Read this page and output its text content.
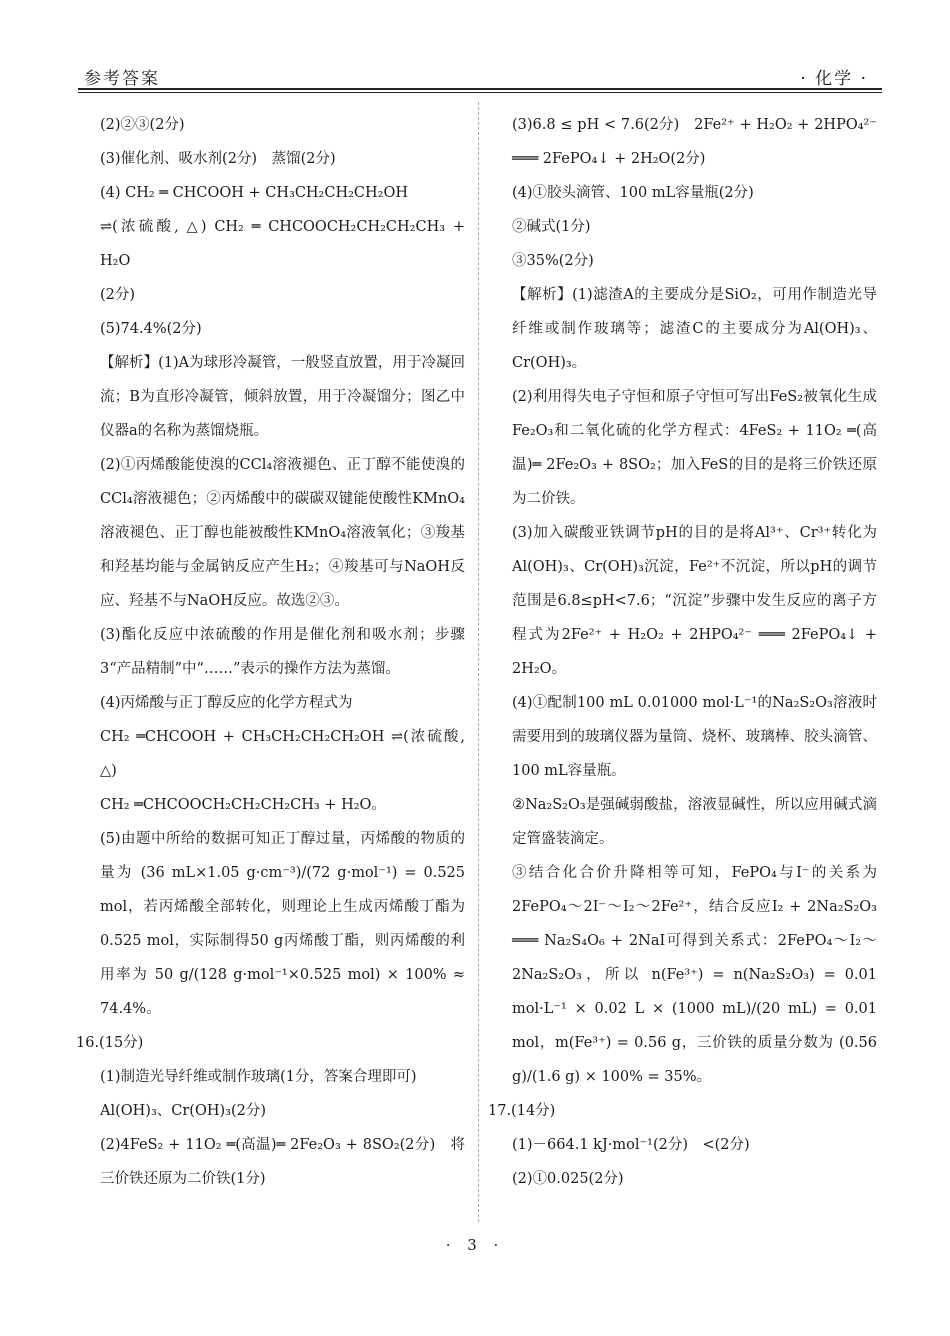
参考答案	· 化学 ·

(2)②③(2分)

(3)催化剂、吸水剂(2分)　蒸馏(2分)

(4) CH₂ ═ CHCOOH + CH₃CH₂CH₂CH₂OH

⇌(浓硫酸, △) CH₂ ═ CHCOOCH₂CH₂CH₂CH₃ + H₂O

(2分)

(5)74.4%(2分)

【解析】(1)A为球形冷凝管，一般竖直放置，用于冷凝回流；B为直形冷凝管，倾斜放置，用于冷凝馏分；图乙中仪器a的名称为蒸馏烧瓶。

(2)①丙烯酸能使溴的CCl₄溶液褪色、正丁醇不能使溴的CCl₄溶液褪色；②丙烯酸中的碳碳双键能使酸性KMnO₄溶液褪色、正丁醇也能被酸性KMnO₄溶液氧化；③羧基和羟基均能与金属钠反应产生H₂；④羧基可与NaOH反应、羟基不与NaOH反应。故选②③。

(3)酯化反应中浓硫酸的作用是催化剂和吸水剂；步骤3“产品精制”中“……”表示的操作方法为蒸馏。

(4)丙烯酸与正丁醇反应的化学方程式为

CH₂ ═CHCOOH + CH₃CH₂CH₂CH₂OH ⇌(浓硫酸, △)

CH₂ ═CHCOOCH₂CH₂CH₂CH₃ + H₂O。

(5)由题中所给的数据可知正丁醇过量，丙烯酸的物质的量为 (36 mL×1.05 g·cm⁻³)/(72 g·mol⁻¹) = 0.525 mol，若丙烯酸全部转化，则理论上生成丙烯酸丁酯为0.525 mol，实际制得50 g丙烯酸丁酯，则丙烯酸的利用率为 50 g/(128 g·mol⁻¹×0.525 mol) × 100% ≈ 74.4%。

16.(15分)

(1)制造光导纤维或制作玻璃(1分，答案合理即可)

Al(OH)₃、Cr(OH)₃(2分)

(2)4FeS₂ + 11O₂ ═(高温)═ 2Fe₂O₃ + 8SO₂(2分)　将三价铁还原为二价铁(1分)

(3)6.8 ≤ pH < 7.6(2分)　2Fe²⁺ + H₂O₂ + 2HPO₄²⁻ ═══ 2FePO₄↓ + 2H₂O(2分)

(4)①胶头滴管、100 mL容量瓶(2分)

②碱式(1分)

③35%(2分)

【解析】(1)滤渣A的主要成分是SiO₂，可用作制造光导纤维或制作玻璃等；滤渣C的主要成分为Al(OH)₃、Cr(OH)₃。

(2)利用得失电子守恒和原子守恒可写出FeS₂被氧化生成Fe₂O₃和二氧化硫的化学方程式：4FeS₂ + 11O₂ ═(高温)═ 2Fe₂O₃ + 8SO₂；加入FeS的目的是将三价铁还原为二价铁。

(3)加入碳酸亚铁调节pH的目的是将Al³⁺、Cr³⁺转化为Al(OH)₃、Cr(OH)₃沉淀，Fe²⁺不沉淀，所以pH的调节范围是6.8≤pH<7.6；“沉淀”步骤中发生反应的离子方程式为2Fe²⁺ + H₂O₂ + 2HPO₄²⁻ ═══ 2FePO₄↓ + 2H₂O。

(4)①配制100 mL 0.01000 mol·L⁻¹的Na₂S₂O₃溶液时需要用到的玻璃仪器为量筒、烧杯、玻璃棒、胶头滴管、100 mL容量瓶。

②Na₂S₂O₃是强碱弱酸盐，溶液显碱性，所以应用碱式滴定管盛装滴定。

③结合化合价升降相等可知，FePO₄与I⁻的关系为2FePO₄～2I⁻～I₂～2Fe²⁺，结合反应I₂ + 2Na₂S₂O₃ ═══ Na₂S₄O₆ + 2NaI可得到关系式：2FePO₄～I₂～2Na₂S₂O₃，所以 n(Fe³⁺) = n(Na₂S₂O₃) = 0.01 mol·L⁻¹ × 0.02 L × (1000 mL)/(20 mL) = 0.01 mol，m(Fe³⁺) = 0.56 g，三价铁的质量分数为 (0.56 g)/(1.6 g) × 100% = 35%。

17.(14分)

(1)－664.1 kJ·mol⁻¹(2分)　<(2分)

(2)①0.025(2分)

· 3 ·
